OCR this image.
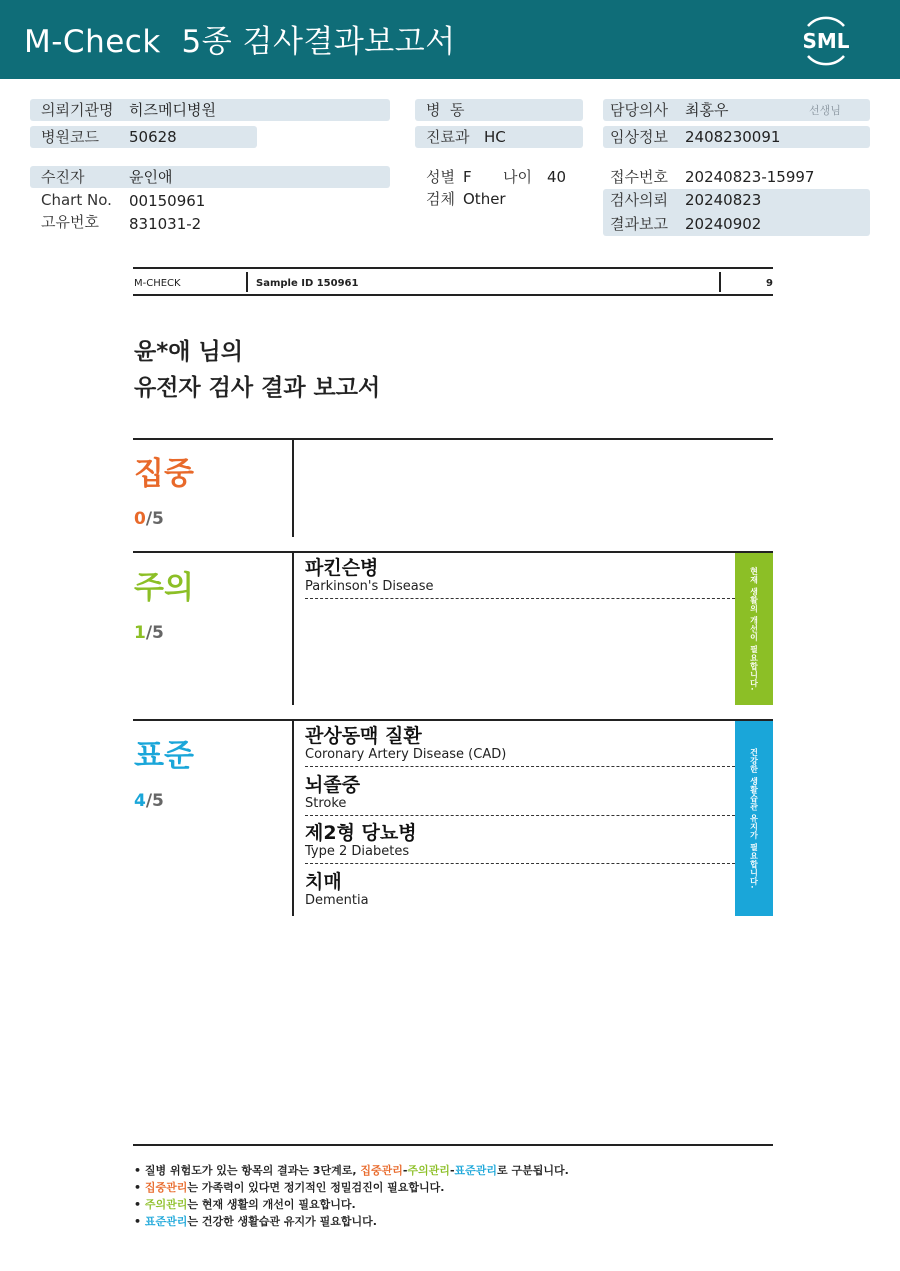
M-Check  5종 검사결과보고서	SML
의뢰기관명 히즈메디병원	병  동	담당의사 최홍우	선생님
병원코드 50628	진료과 HC	임상정보 2408230091
수진자	윤인애	성별 F 나이 40	접수번호 20240823-15997
Chart No. 00150961	검체 Other	검사의뢰 20240823
고유번호 831031-2	결과보고 20240902
M-CHECK	Sample ID 150961	9
윤*애 님의
유전자 검사 결과 보고서
집중
0/5
주의
1/5
파킨슨병
Parkinson's Disease	현재 생활의 개선이 필요합니다.
표준
4/5
관상동맥 질환
Coronary Artery Disease (CAD)
뇌졸중
Stroke
제2형 당뇨병
Type 2 Diabetes
치매
Dementia
건강한 생활습관 유지가 필요합니다.
• 질병 위험도가 있는 항목의 결과는 3단계로, 집중관리-주의관리-표준관리로 구분됩니다.
• 집중관리는 가족력이 있다면 정기적인 정밀검진이 필요합니다.
• 주의관리는 현재 생활의 개선이 필요합니다.
• 표준관리는 건강한 생활습관 유지가 필요합니다.
